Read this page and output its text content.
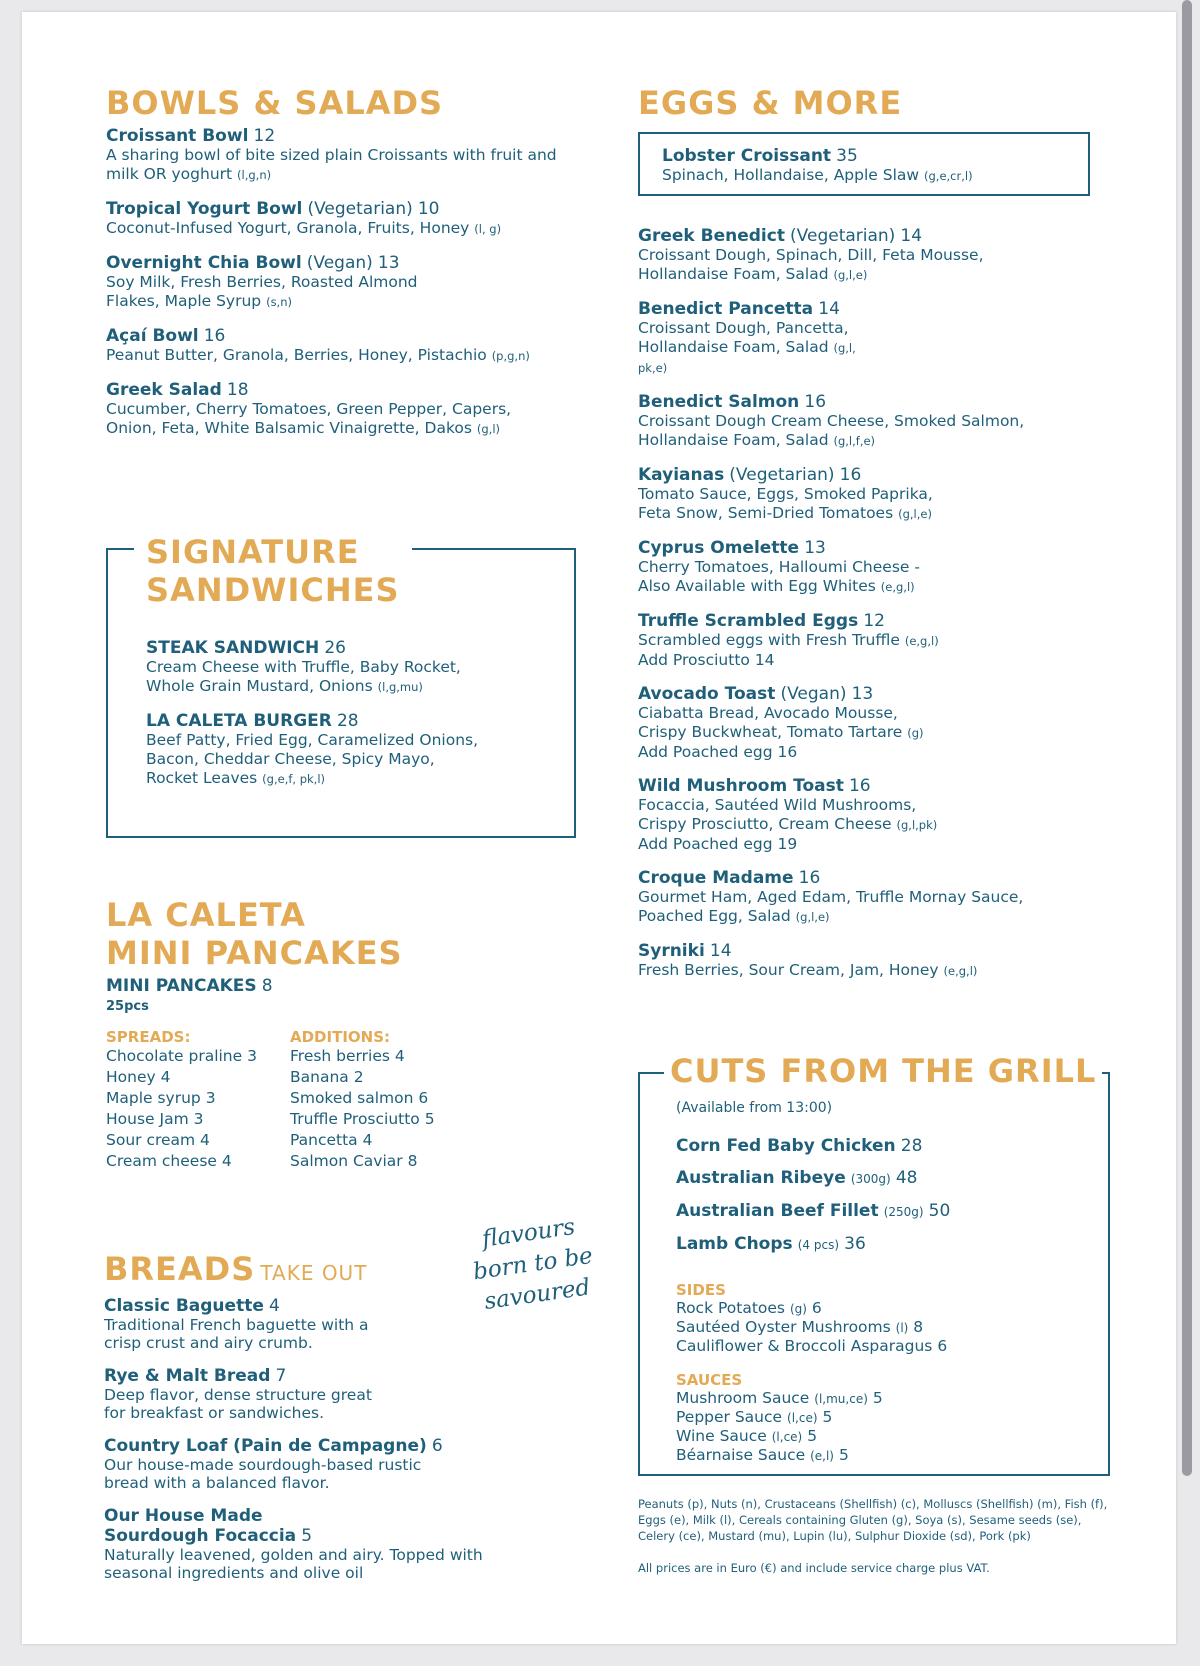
BOWLS & SALADS
Croissant Bowl 12
A sharing bowl of bite sized plain Croissants with fruit and milk OR yoghurt (l,g,n)
Tropical Yogurt Bowl (Vegetarian) 10
Coconut-Infused Yogurt, Granola, Fruits, Honey (l, g)
Overnight Chia Bowl (Vegan) 13
Soy Milk, Fresh Berries, Roasted Almond Flakes, Maple Syrup (s,n)
Açaí Bowl 16
Peanut Butter, Granola, Berries, Honey, Pistachio (p,g,n)
Greek Salad 18
Cucumber, Cherry Tomatoes, Green Pepper, Capers, Onion, Feta, White Balsamic Vinaigrette, Dakos (g,l)
SIGNATURE
SANDWICHES
STEAK SANDWICH 26
Cream Cheese with Truffle, Baby Rocket, Whole Grain Mustard, Onions (l,g,mu)
LA CALETA BURGER 28
Beef Patty, Fried Egg, Caramelized Onions, Bacon, Cheddar Cheese, Spicy Mayo, Rocket Leaves (g,e,f, pk,l)
LA CALETA
MINI PANCAKES
MINI PANCAKES 8
25pcs

SPREADS:

Chocolate praline 3
Honey 4
Maple syrup 3
House Jam 3
Sour cream 4
Cream cheese 4

ADDITIONS:

Fresh berries 4
Banana 2
Smoked salmon 6
Truffle Prosciutto 5
Pancetta 4
Salmon Caviar 8
flavours
born to be
savoured
BREADS TAKE OUT
Classic Baguette 4
Traditional French baguette with a crisp crust and airy crumb.
Rye & Malt Bread 7
Deep flavor, dense structure great for breakfast or sandwiches.
Country Loaf (Pain de Campagne) 6
Our house-made sourdough-based rustic bread with a balanced flavor.
Our House Made Sourdough Focaccia 5
Naturally leavened, golden and airy. Topped with seasonal ingredients and olive oil
EGGS & MORE
Lobster Croissant 35
Spinach, Hollandaise, Apple Slaw (g,e,cr,l)
Greek Benedict (Vegetarian) 14
Croissant Dough, Spinach, Dill, Feta Mousse, Hollandaise Foam, Salad (g,l,e)
Benedict Pancetta 14
Croissant Dough, Pancetta, Hollandaise Foam, Salad (g,l, pk,e)
Benedict Salmon 16
Croissant Dough Cream Cheese, Smoked Salmon, Hollandaise Foam, Salad (g,l,f,e)
Kayianas (Vegetarian) 16
Tomato Sauce, Eggs, Smoked Paprika, Feta Snow, Semi-Dried Tomatoes (g,l,e)
Cyprus Omelette 13
Cherry Tomatoes, Halloumi Cheese - Also Available with Egg Whites (e,g,l)
Truffle Scrambled Eggs 12
Scrambled eggs with Fresh Truffle (e,g,l)
Add Prosciutto 14
Avocado Toast (Vegan) 13
Ciabatta Bread, Avocado Mousse, Crispy Buckwheat, Tomato Tartare (g)
Add Poached egg 16
Wild Mushroom Toast 16
Focaccia, Sautéed Wild Mushrooms, Crispy Prosciutto, Cream Cheese (g,l,pk)
Add Poached egg 19
Croque Madame 16
Gourmet Ham, Aged Edam, Truffle Mornay Sauce, Poached Egg, Salad (g,l,e)
Syrniki 14
Fresh Berries, Sour Cream, Jam, Honey (e,g,l)
CUTS FROM THE GRILL
(Available from 13:00)
Corn Fed Baby Chicken 28
Australian Ribeye (300g) 48
Australian Beef Fillet (250g) 50
Lamb Chops (4 pcs) 36

SIDES

Rock Potatoes (g) 6
Sautéed Oyster Mushrooms (l) 8
Cauliflower & Broccoli Asparagus 6

SAUCES

Mushroom Sauce (l,mu,ce) 5
Pepper Sauce (l,ce) 5
Wine Sauce (l,ce) 5
Béarnaise Sauce (e,l) 5
Peanuts (p), Nuts (n), Crustaceans (Shellfish) (c), Molluscs (Shellfish) (m), Fish (f),
Eggs (e), Milk (l), Cereals containing Gluten (g), Soya (s), Sesame seeds (se),
Celery (ce), Mustard (mu), Lupin (lu), Sulphur Dioxide (sd), Pork (pk)
All prices are in Euro (€) and include service charge plus VAT.
